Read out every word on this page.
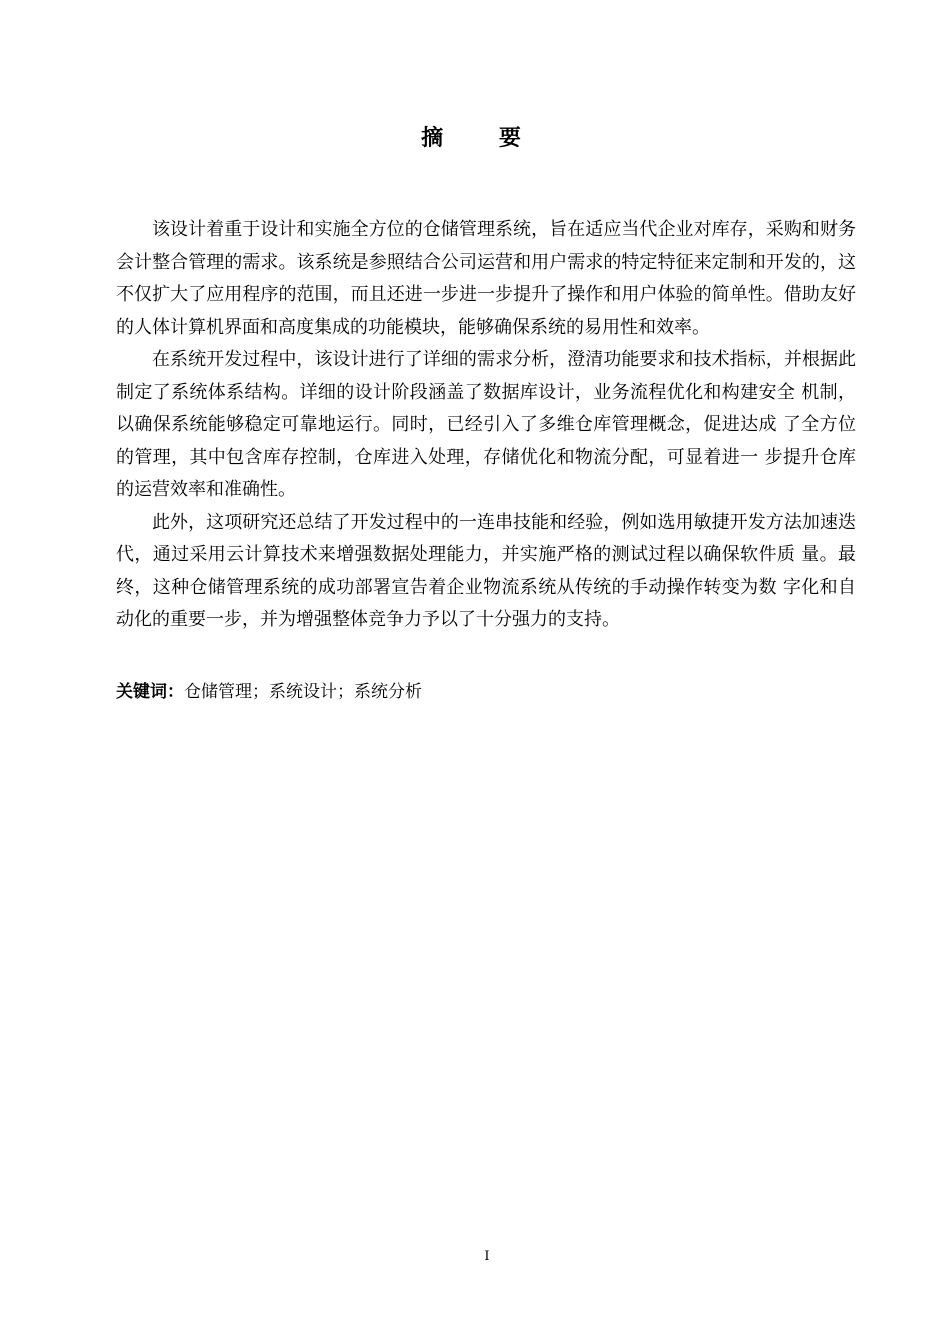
摘 要

该设计着重于设计和实施全方位的仓储管理系统，旨在适应当代企业对库存，采购和财务会计整合管理的需求。该系统是参照结合公司运营和用户需求的特定特征来定制和开发的，这不仅扩大了应用程序的范围，而且还进一步进一步提升了操作和用户体验的简单性。借助友好的人体计算机界面和高度集成的功能模块，能够确保系统的易用性和效率。

在系统开发过程中，该设计进行了详细的需求分析，澄清功能要求和技术指标，并根据此制定了系统体系结构。详细的设计阶段涵盖了数据库设计，业务流程优化和构建安全 机制，以确保系统能够稳定可靠地运行。同时，已经引入了多维仓库管理概念，促进达成 了全方位的管理，其中包含库存控制，仓库进入处理，存储优化和物流分配，可显着进一 步提升仓库的运营效率和准确性。

此外，这项研究还总结了开发过程中的一连串技能和经验，例如选用敏捷开发方法加速迭代，通过采用云计算技术来增强数据处理能力，并实施严格的测试过程以确保软件质 量。最终，这种仓储管理系统的成功部署宣告着企业物流系统从传统的手动操作转变为数 字化和自动化的重要一步，并为增强整体竞争力予以了十分强力的支持。

关键词：仓储管理；系统设计；系统分析
I
